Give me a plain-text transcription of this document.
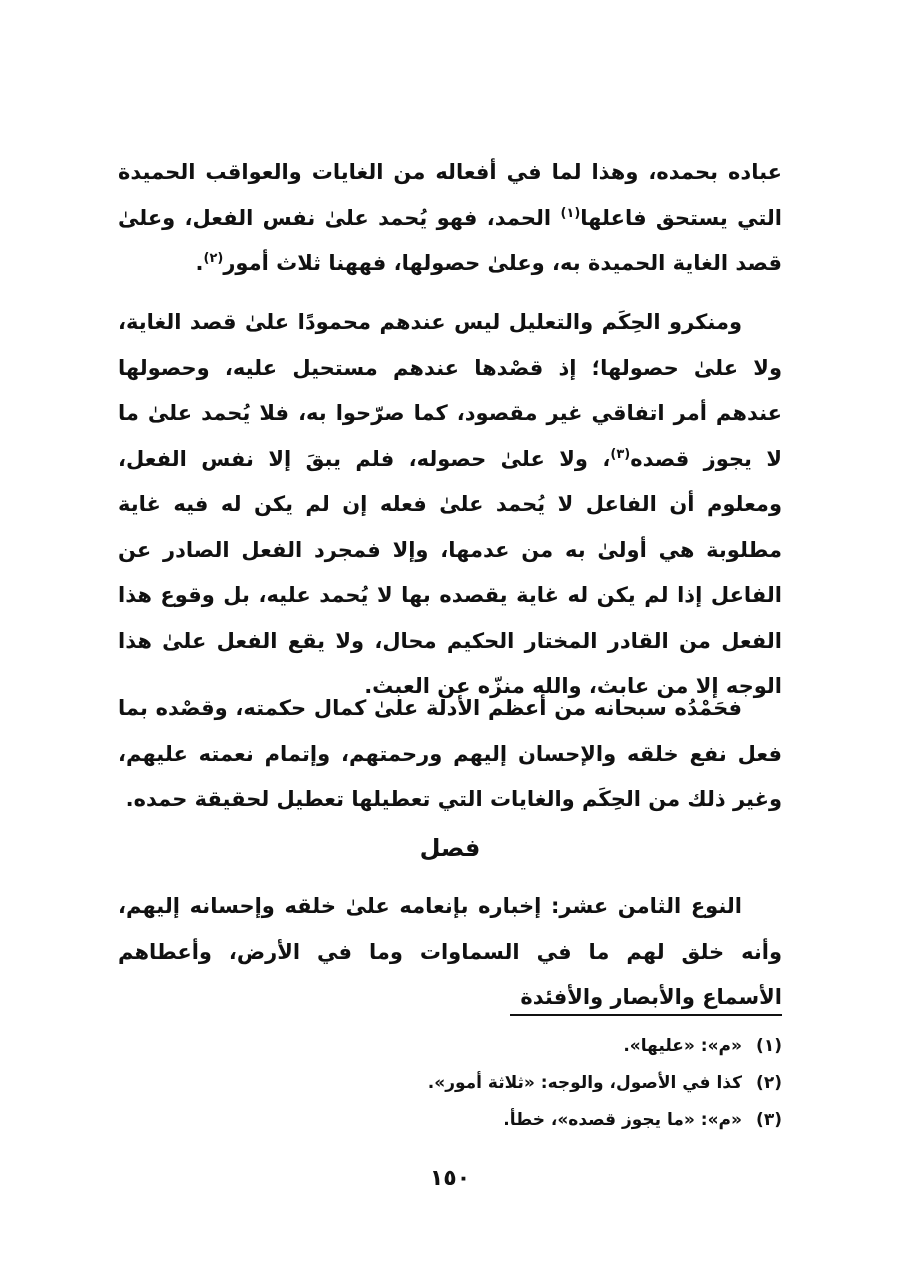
عباده بحمده، وهذا لما في أفعاله من الغايات والعواقب الحميدة التي يستحق فاعلها$^{(١)}$ الحمد، فهو يُحمد علىٰ نفس الفعل، وعلىٰ قصد الغاية الحميدة به، وعلىٰ حصولها، فههنا ثلاث أمور$^{(٢)}$.

ومنكرو الحِكَم والتعليل ليس عندهم محمودًا علىٰ قصد الغاية، ولا علىٰ حصولها؛ إذ قصْدها عندهم مستحيل عليه، وحصولها عندهم أمر اتفاقي غير مقصود، كما صرّحوا به، فلا يُحمد علىٰ ما لا يجوز قصده$^{(٣)}$، ولا علىٰ حصوله، فلم يبقَ إلا نفس الفعل، ومعلوم أن الفاعل لا يُحمد علىٰ فعله إن لم يكن له فيه غاية مطلوبة هي أولىٰ به من عدمها، وإلا فمجرد الفعل الصادر عن الفاعل إذا لم يكن له غاية يقصده بها لا يُحمد عليه، بل وقوع هذا الفعل من القادر المختار الحكيم محال، ولا يقع الفعل علىٰ هذا الوجه إلا من عابث، والله منزّه عن العبث.

فحَمْدُه سبحانه من أعظم الأدلة علىٰ كمال حكمته، وقصْده بما فعل نفع خلقه والإحسان إليهم ورحمتهم، وإتمام نعمته عليهم، وغير ذلك من الحِكَم والغايات التي تعطيلها تعطيل لحقيقة حمده.

فصل

النوع الثامن عشر: إخباره بإنعامه علىٰ خلقه وإحسانه إليهم، وأنه خلق لهم ما في السماوات وما في الأرض، وأعطاهم الأسماع والأبصار والأفئدة

(١)
«م»: «عليها».
(٢)
كذا في الأصول، والوجه: «ثلاثة أمور».
(٣)
«م»: «ما يجوز قصده»، خطأ.
١٥٠
